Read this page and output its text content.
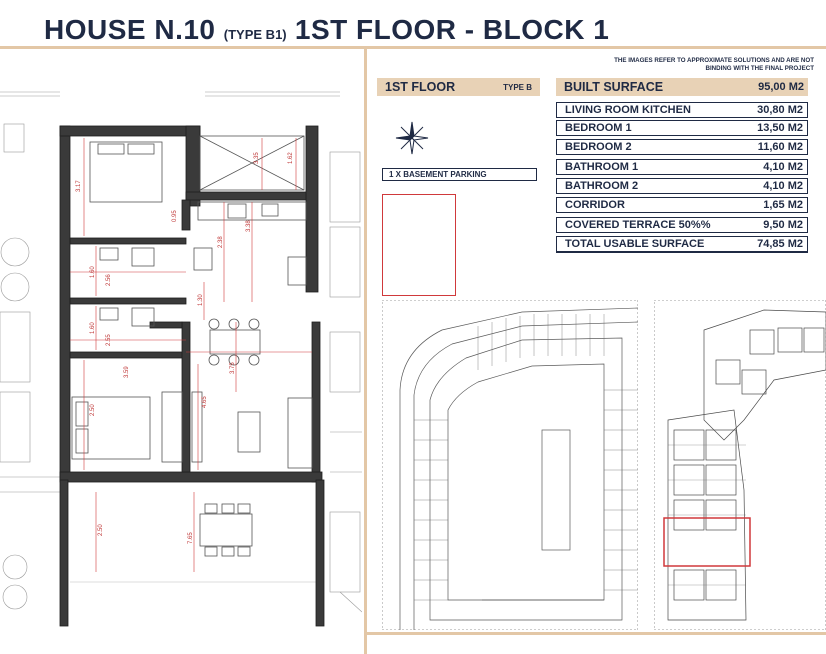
HOUSE N.10 (TYPE B1) 1ST FLOOR - BLOCK 1
THE IMAGES REFER TO APPROXIMATE SOLUTIONS AND ARE NOT
BINDING WITH THE FINAL PROJECT
1ST FLOOR	TYPE B
1 X BASEMENT PARKING
BUILT SURFACE	95,00 M2
LIVING ROOM KITCHEN	30,80 M2
BEDROOM 1	13,50 M2
BEDROOM 2	11,60 M2
BATHROOM 1	4,10 M2
BATHROOM 2	4,10 M2
CORRIDOR	1,65 M2
COVERED TERRACE 50%%	9,50 M2
TOTAL USABLE SURFACE	74,85 M2
3.35	1.62
3.17
0.95
3.38
2.38
1.60
2.56
1.30
2.55
1.60
3.59	3.75
2.50
4.65
2.50
7.65
